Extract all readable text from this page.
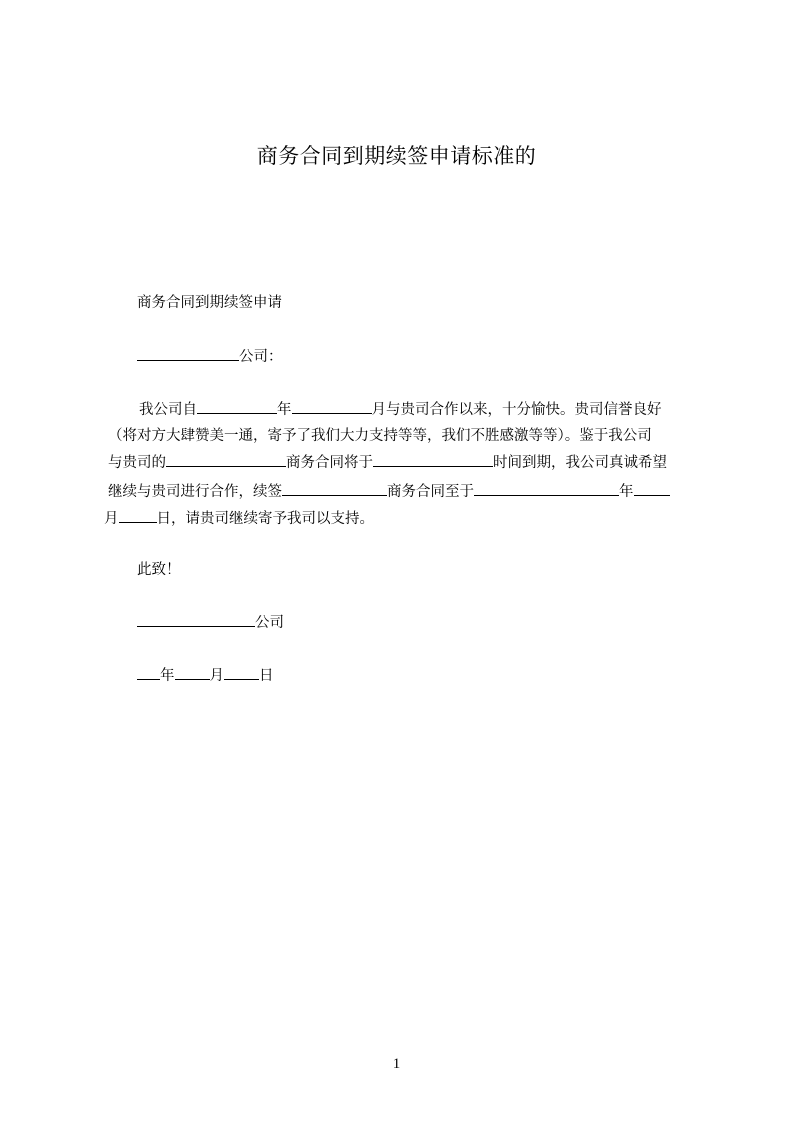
商务合同到期续签申请标准的
商务合同到期续签申请
公司：
我公司自	年	月与贵司合作以来，十分愉快。贵司信誉良好
（将对方大肆赞美一通，寄予了我们大力支持等等，我们不胜感激等等）。鉴于我公司
与贵司的	商务合同将于	时间到期，我公司真诚希望
继续与贵司进行合作，续签	商务合同至于	年
月	日，请贵司继续寄予我司以支持。
此致！
公司
年 月 日
1
